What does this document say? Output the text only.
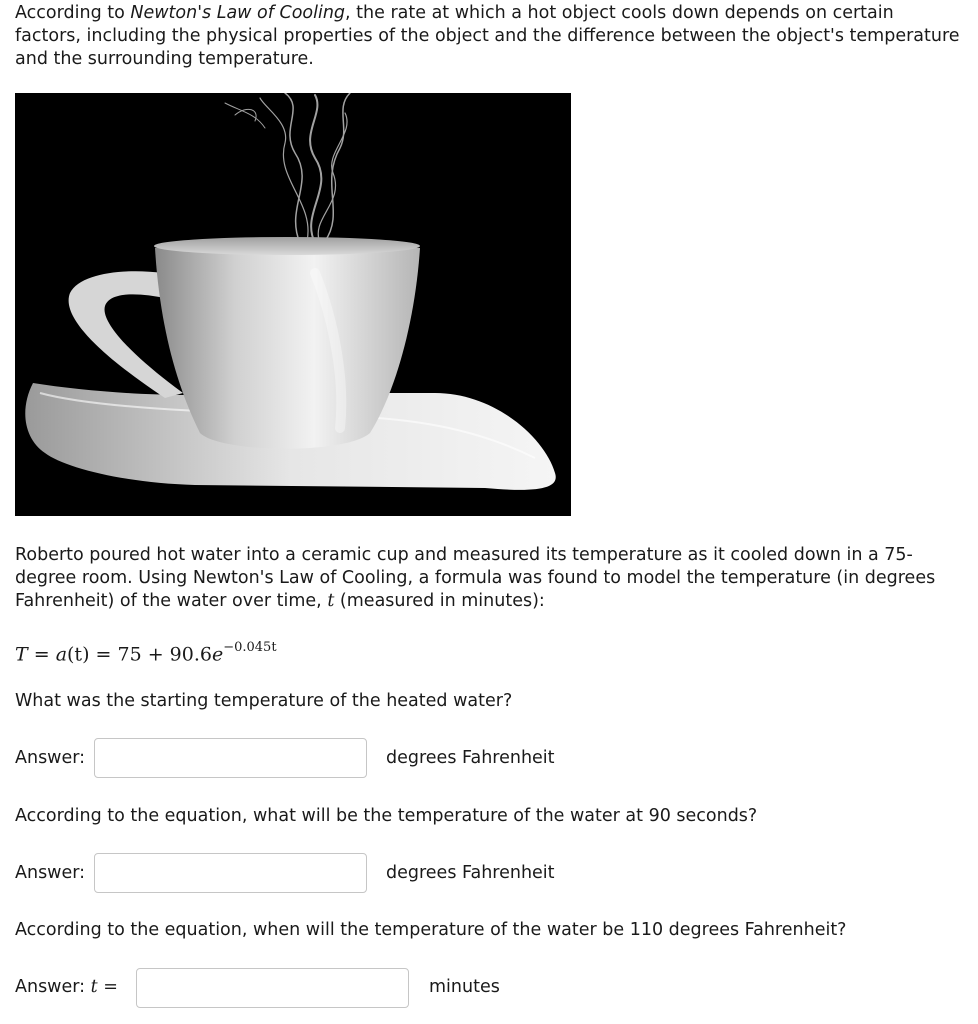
According to Newton's Law of Cooling, the rate at which a hot object cools down depends on certain factors, including the physical properties of the object and the difference between the object's temperature and the surrounding temperature.

Roberto poured hot water into a ceramic cup and measured its temperature as it cooled down in a 75-degree room. Using Newton's Law of Cooling, a formula was found to model the temperature (in degrees Fahrenheit) of the water over time, t (measured in minutes):

$T = a(t) = 75 + 90.6e^{-0.045t}$

What was the starting temperature of the heated water?

Answer:	degrees Fahrenheit

According to the equation, what will be the temperature of the water at 90 seconds?

Answer:	degrees Fahrenheit

According to the equation, when will the temperature of the water be 110 degrees Fahrenheit?

Answer: t =	minutes
